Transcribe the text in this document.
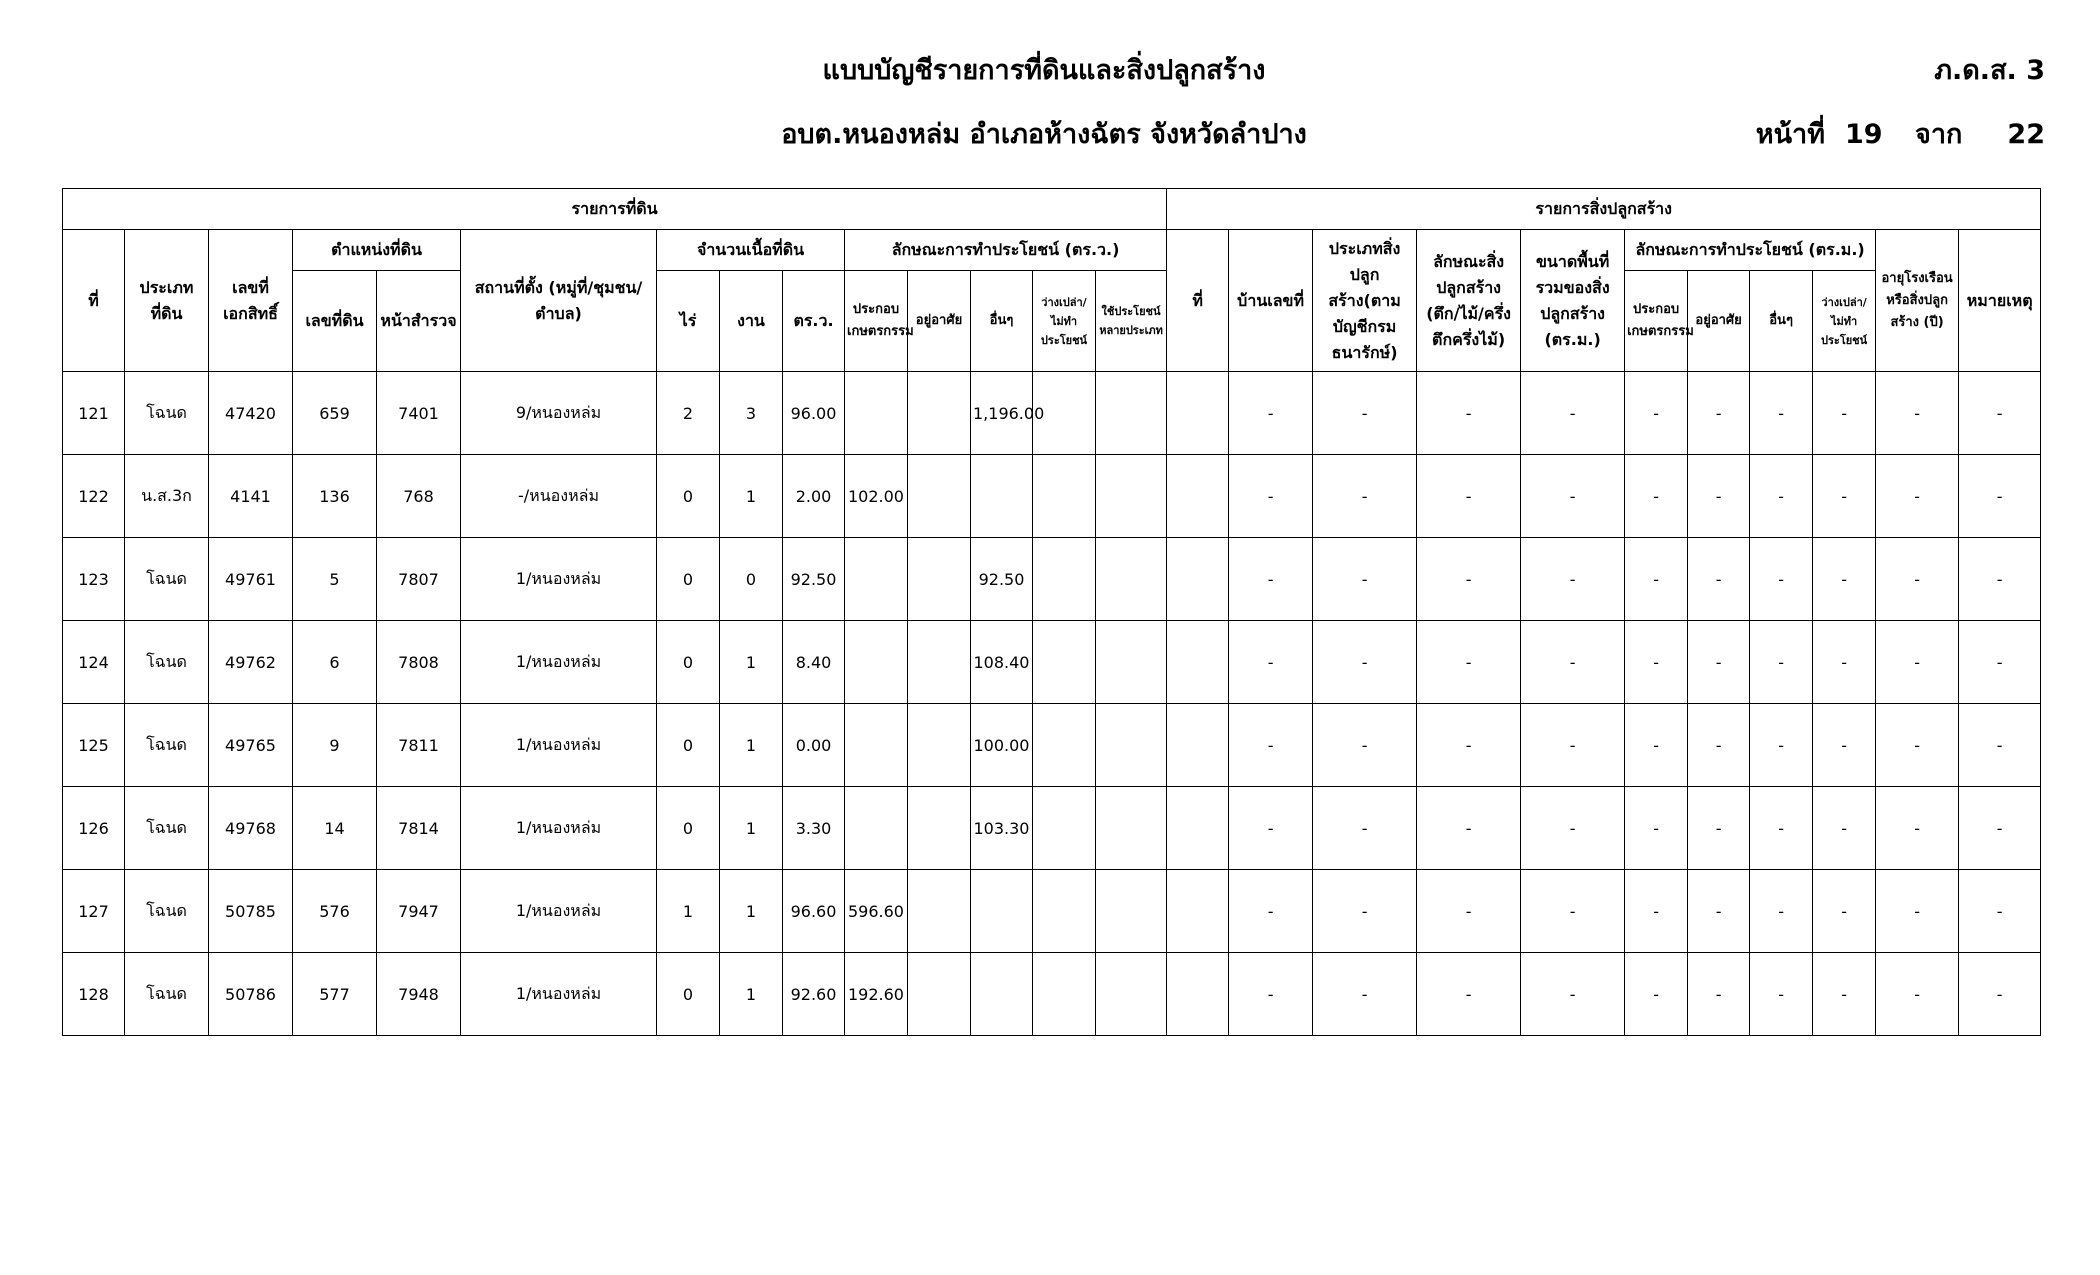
แบบบัญชีรายการที่ดินและสิ่งปลูกสร้าง
อบต.หนองหล่ม อำเภอห้างฉัตร จังหวัดลำปาง
ภ.ด.ส. 3
หน้าที่ 19 จาก 22
รายการที่ดิน														รายการสิ่งปลูกสร้าง										
ที่	ประเภทที่ดิน	เลขที่เอกสิทธิ์	ตำแหน่งที่ดิน		สถานที่ตั้ง (หมู่ที่/ชุมชน/ตำบล)	จำนวนเนื้อที่ดิน			ลักษณะการทำประโยชน์ (ตร.ว.)					ที่	บ้านเลขที่	ประเภทสิ่งปลูกสร้าง(ตามบัญชีกรมธนารักษ์)	ลักษณะสิ่งปลูกสร้าง (ตึก/ไม้/ครึ่งตึกครึ่งไม้)	ขนาดพื้นที่รวมของสิ่งปลูกสร้าง (ตร.ม.)	ลักษณะการทำประโยชน์ (ตร.ม.)				อายุโรงเรือนหรือสิ่งปลูกสร้าง (ปี)	หมายเหตุ
			เลขที่ดิน	หน้าสำรวจ		ไร่	งาน	ตร.ว.	ประกอบเกษตรกรรม	อยู่อาศัย	อื่นๆ	ว่างเปล่า/ไม่ทำประโยชน์	ใช้ประโยชน์หลายประเภท						ประกอบเกษตรกรรม	อยู่อาศัย	อื่นๆ	ว่างเปล่า/ไม่ทำประโยชน์		
121	โฉนด	47420	659	7401	9/หนองหล่ม	2	3	96.00			1,196.00				-	-	-	-	-	-	-	-	-	-
122	น.ส.3ก	4141	136	768	-/หนองหล่ม	0	1	2.00	102.00						-	-	-	-	-	-	-	-	-	-
123	โฉนด	49761	5	7807	1/หนองหล่ม	0	0	92.50			92.50				-	-	-	-	-	-	-	-	-	-
124	โฉนด	49762	6	7808	1/หนองหล่ม	0	1	8.40			108.40				-	-	-	-	-	-	-	-	-	-
125	โฉนด	49765	9	7811	1/หนองหล่ม	0	1	0.00			100.00				-	-	-	-	-	-	-	-	-	-
126	โฉนด	49768	14	7814	1/หนองหล่ม	0	1	3.30			103.30				-	-	-	-	-	-	-	-	-	-
127	โฉนด	50785	576	7947	1/หนองหล่ม	1	1	96.60	596.60						-	-	-	-	-	-	-	-	-	-
128	โฉนด	50786	577	7948	1/หนองหล่ม	0	1	92.60	192.60						-	-	-	-	-	-	-	-	-	-
